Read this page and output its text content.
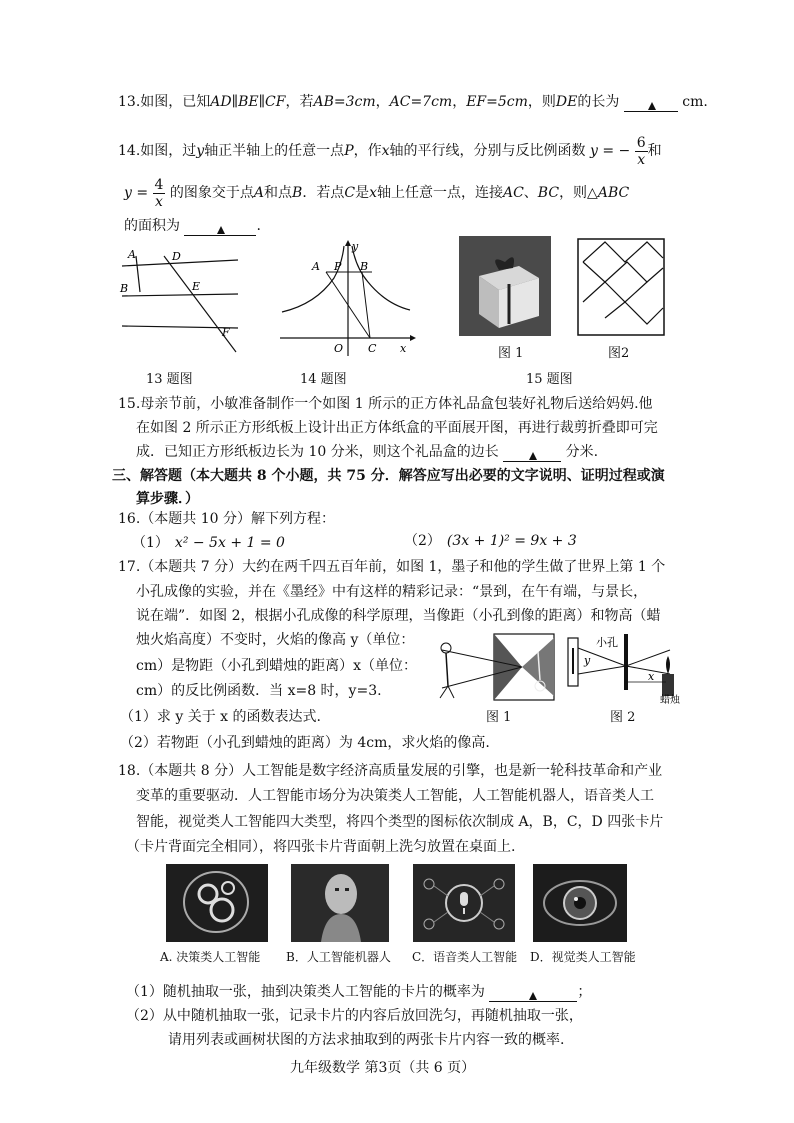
13.如图，已知AD∥BE∥CF，若AB=3cm，AC=7cm，EF=5cm，则DE的长为	cm.
14.如图，过y轴正半轴上的任意一点P，作x轴的平行线，分别与反比例函数 y = − $\frac{6}{x}$ 和
$y = \frac{4}{x}$ 的图象交于点A和点B．若点C是x轴上任意一点，连接AC、BC，则△ABC
的面积为	.
A	D
B	E
F
13 题图
A P B
y
O C x
14 题图
图 1	图2
15 题图
15.母亲节前，小敏准备制作一个如图 1 所示的正方体礼品盒包装好礼物后送给妈妈.他
在如图 2 所示正方形纸板上设计出正方体纸盒的平面展开图，再进行裁剪折叠即可完
成．已知正方形纸板边长为 10 分米，则这个礼品盒的边长	分米.
三、解答题（本大题共 8 个小题，共 75 分．解答应写出必要的文字说明、证明过程或演
算步骤．）
16.（本题共 10 分）解下列方程：
（1） x² − 5x + 1 = 0	（2） (3x + 1)² = 9x + 3
17.（本题共 7 分）大约在两千四五百年前，如图 1，墨子和他的学生做了世界上第 1 个
小孔成像的实验，并在《墨经》中有这样的精彩记录：“景到，在午有端，与景长，
说在端”．如图 2，根据小孔成像的科学原理，当像距（小孔到像的距离）和物高（蜡
烛火焰高度）不变时，火焰的像高 y（单位：
cm）是物距（小孔到蜡烛的距离）x（单位：
cm）的反比例函数．当 x=8 时，y=3.
（1）求 y 关于 x 的函数表达式.
（2）若物距（小孔到蜡烛的距离）为 4cm，求火焰的像高.
图 1
y
x
小孔
蜡烛
图 2
18.（本题共 8 分）人工智能是数字经济高质量发展的引擎，也是新一轮科技革命和产业
变革的重要驱动．人工智能市场分为决策类人工智能，人工智能机器人，语音类人工
智能，视觉类人工智能四大类型，将四个类型的图标依次制成 A，B，C，D 四张卡片
（卡片背面完全相同），将四张卡片背面朝上洗匀放置在桌面上.
A. 决策类人工智能 B．人工智能机器人 C．语音类人工智能 D．视觉类人工智能
（1）随机抽取一张，抽到决策类人工智能的卡片的概率为	；
（2）从中随机抽取一张，记录卡片的内容后放回洗匀，再随机抽取一张，
请用列表或画树状图的方法求抽取到的两张卡片内容一致的概率.
九年级数学 第3页（共 6 页）
